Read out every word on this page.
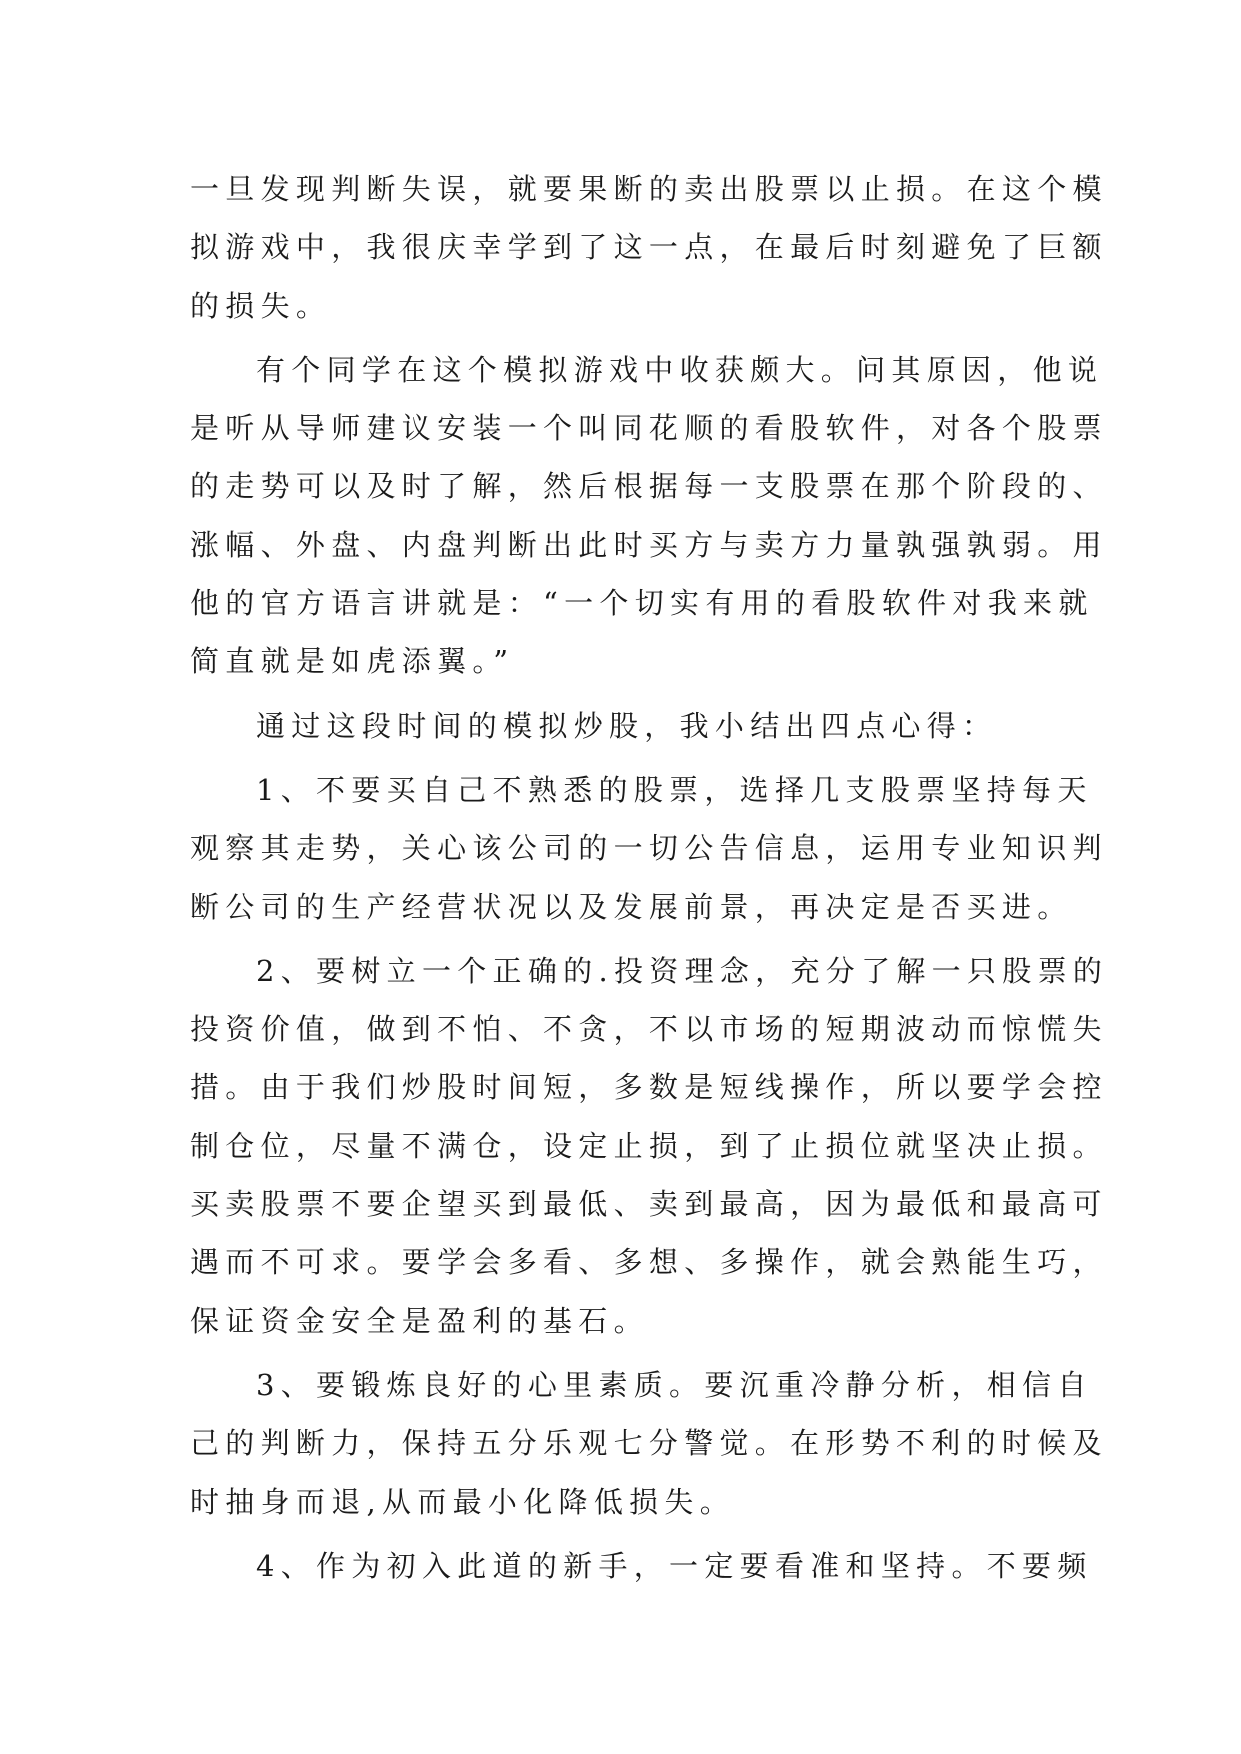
一旦发现判断失误，就要果断的卖出股票以止损。在这个模
拟游戏中，我很庆幸学到了这一点，在最后时刻避免了巨额
的损失。
有个同学在这个模拟游戏中收获颇大。问其原因，他说
是听从导师建议安装一个叫同花顺的看股软件，对各个股票
的走势可以及时了解，然后根据每一支股票在那个阶段的、
涨幅、外盘、内盘判断出此时买方与卖方力量孰强孰弱。用
他的官方语言讲就是：“一个切实有用的看股软件对我来就
简直就是如虎添翼。”
通过这段时间的模拟炒股，我小结出四点心得：
1、不要买自己不熟悉的股票，选择几支股票坚持每天
观察其走势，关心该公司的一切公告信息，运用专业知识判
断公司的生产经营状况以及发展前景，再决定是否买进。
2、要树立一个正确的.投资理念，充分了解一只股票的
投资价值，做到不怕、不贪，不以市场的短期波动而惊慌失
措。由于我们炒股时间短，多数是短线操作，所以要学会控
制仓位，尽量不满仓，设定止损，到了止损位就坚决止损。
买卖股票不要企望买到最低、卖到最高，因为最低和最高可
遇而不可求。要学会多看、多想、多操作，就会熟能生巧，
保证资金安全是盈利的基石。
3、要锻炼良好的心里素质。要沉重冷静分析，相信自
己的判断力，保持五分乐观七分警觉。在形势不利的时候及
时抽身而退,从而最小化降低损失。
4、作为初入此道的新手，一定要看准和坚持。不要频
